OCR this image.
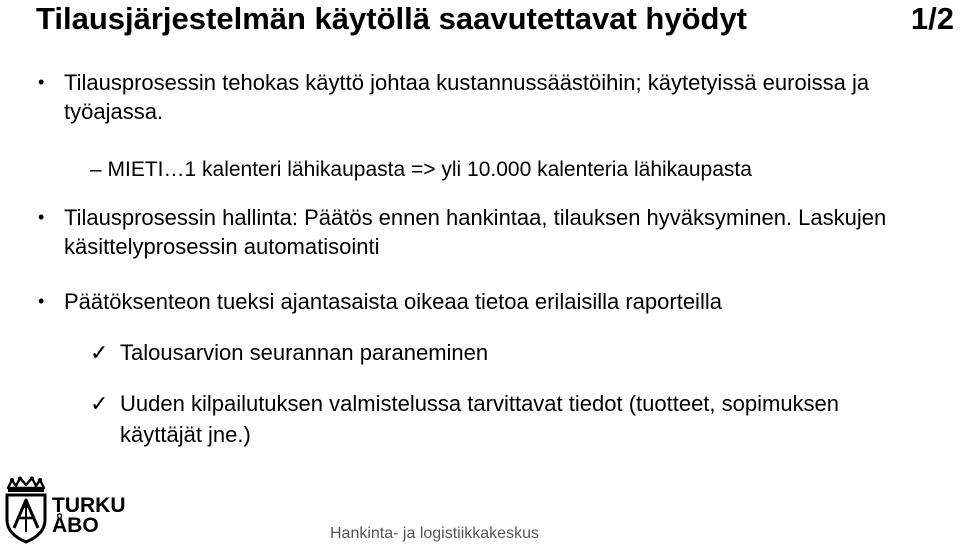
Tilausjärjestelmän käytöllä saavutettavat hyödyt	1/2
• Tilausprosessin tehokas käyttö johtaa kustannussäästöihin; käytetyissä euroissa ja työajassa.
– MIETI…1 kalenteri lähikaupasta => yli 10.000 kalenteria lähikaupasta
• Tilausprosessin hallinta: Päätös ennen hankintaa, tilauksen hyväksyminen. Laskujen käsittelyprosessin automatisointi
• Päätöksenteon tueksi ajantasaista oikeaa tietoa erilaisilla raporteilla
✓ Talousarvion seurannan paraneminen
✓ Uuden kilpailutuksen valmistelussa tarvittavat tiedot (tuotteet, sopimuksen käyttäjät jne.)
TURKU
ÅBO	Hankinta- ja logistiikkakeskus
